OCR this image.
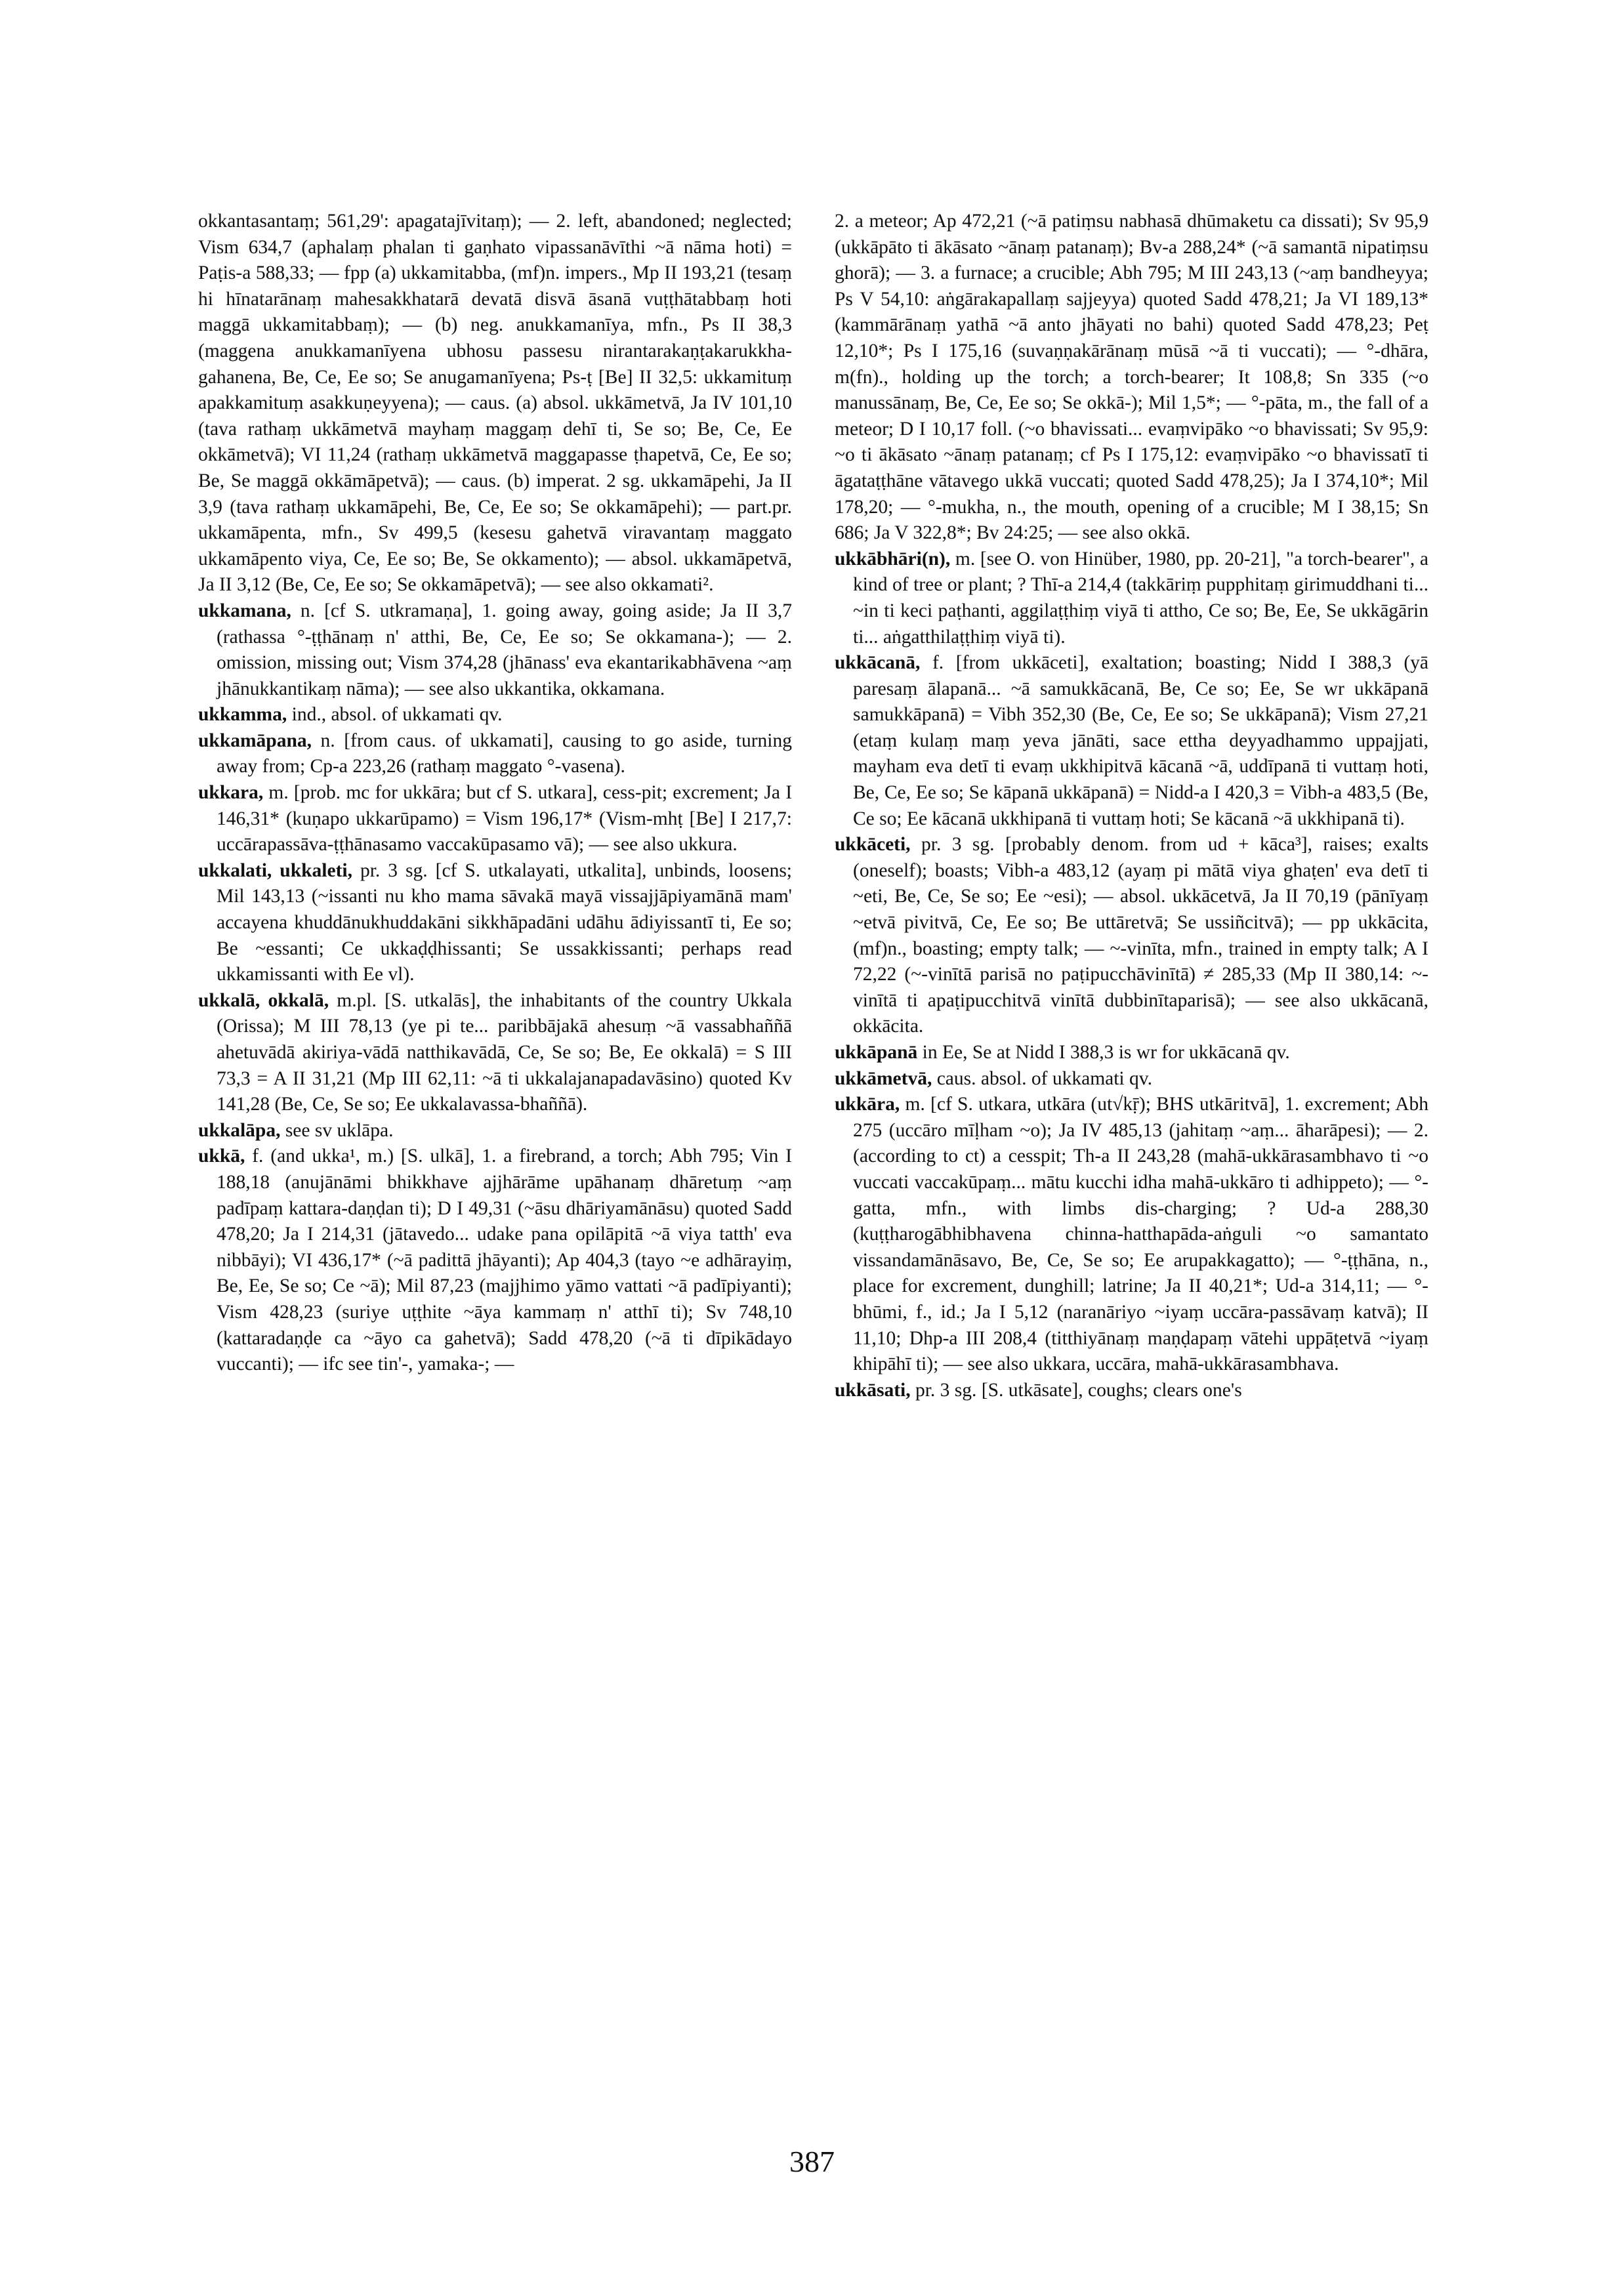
okkantasantaṃ; 561,29': apagatajīvitaṃ); — 2. left, abandoned; neglected; Vism 634,7 (aphalaṃ phalan ti gaṇhato vipassanāvīthi ~ā nāma hoti) = Paṭis-a 588,33; — fpp (a) ukkamitabba, (mf)n. impers., Mp II 193,21 (tesaṃ hi hīnatarānaṃ mahesakkhatarā devatā disvā āsanā vuṭṭhātabbaṃ hoti maggā ukkamitabbaṃ); — (b) neg. anukkamanīya, mfn., Ps II 38,3 (maggena anukkamanīyena ubhosu passesu nirantarakaṇṭakarukkha-gahanena, Be, Ce, Ee so; Se anugamanīyena; Ps-ṭ [Be] II 32,5: ukkamituṃ apakkamituṃ asakkuṇeyyena); — caus. (a) absol. ukkāmetvā, Ja IV 101,10 (tava rathaṃ ukkāmetvā mayhaṃ maggaṃ dehī ti, Se so; Be, Ce, Ee okkāmetvā); VI 11,24 (rathaṃ ukkāmetvā maggapasse ṭhapetvā, Ce, Ee so; Be, Se maggā okkāmāpetvā); — caus. (b) imperat. 2 sg. ukkamāpehi, Ja II 3,9 (tava rathaṃ ukkamāpehi, Be, Ce, Ee so; Se okkamāpehi); — part.pr. ukkamāpenta, mfn., Sv 499,5 (kesesu gahetvā viravantaṃ maggato ukkamāpento viya, Ce, Ee so; Be, Se okkamento); — absol. ukkamāpetvā, Ja II 3,12 (Be, Ce, Ee so; Se okkamāpetvā); — see also okkamati².

ukkamana, n. [cf S. utkramaṇa], 1. going away, going aside; Ja II 3,7 (rathassa °-ṭṭhānaṃ n' atthi, Be, Ce, Ee so; Se okkamana-); — 2. omission, missing out; Vism 374,28 (jhānass' eva ekantarikabhāvena ~aṃ jhānukkantikaṃ nāma); — see also ukkantika, okkamana.

ukkamma, ind., absol. of ukkamati qv.

ukkamāpana, n. [from caus. of ukkamati], causing to go aside, turning away from; Cp-a 223,26 (rathaṃ maggato °-vasena).

ukkara, m. [prob. mc for ukkāra; but cf S. utkara], cess-pit; excrement; Ja I 146,31* (kuṇapo ukkarūpamo) = Vism 196,17* (Vism-mhṭ [Be] I 217,7: uccārapassāva-ṭṭhānasamo vaccakūpasamo vā); — see also ukkura.

ukkalati, ukkaleti, pr. 3 sg. [cf S. utkalayati, utkalita], unbinds, loosens; Mil 143,13 (~issanti nu kho mama sāvakā mayā vissajjāpiyamānā mam' accayena khuddānukhuddakāni sikkhāpadāni udāhu ādiyissantī ti, Ee so; Be ~essanti; Ce ukkaḍḍhissanti; Se ussakkissanti; perhaps read ukkamissanti with Ee vl).

ukkalā, okkalā, m.pl. [S. utkalās], the inhabitants of the country Ukkala (Orissa); M III 78,13 (ye pi te... paribbājakā ahesuṃ ~ā vassabhaññā ahetuvādā akiriya-vādā natthikavādā, Ce, Se so; Be, Ee okkalā) = S III 73,3 = A II 31,21 (Mp III 62,11: ~ā ti ukkalajanapadavāsino) quoted Kv 141,28 (Be, Ce, Se so; Ee ukkalavassa-bhaññā).

ukkalāpa, see sv uklāpa.

ukkā, f. (and ukka¹, m.) [S. ulkā], 1. a firebrand, a torch; Abh 795; Vin I 188,18 (anujānāmi bhikkhave ajjhārāme upāhanaṃ dhāretuṃ ~aṃ padīpaṃ kattara-daṇḍan ti); D I 49,31 (~āsu dhāriyamānāsu) quoted Sadd 478,20; Ja I 214,31 (jātavedo... udake pana opilāpitā ~ā viya tatth' eva nibbāyi); VI 436,17* (~ā padittā jhāyanti); Ap 404,3 (tayo ~e adhārayiṃ, Be, Ee, Se so; Ce ~ā); Mil 87,23 (majjhimo yāmo vattati ~ā padīpiyanti); Vism 428,23 (suriye uṭṭhite ~āya kammaṃ n' atthī ti); Sv 748,10 (kattaradaṇḍe ca ~āyo ca gahetvā); Sadd 478,20 (~ā ti dīpikādayo vuccanti); — ifc see tin'-, yamaka-; —

2. a meteor; Ap 472,21 (~ā patiṃsu nabhasā dhūmaketu ca dissati); Sv 95,9 (ukkāpāto ti ākāsato ~ānaṃ patanaṃ); Bv-a 288,24* (~ā samantā nipatiṃsu ghorā); — 3. a furnace; a crucible; Abh 795; M III 243,13 (~aṃ bandheyya; Ps V 54,10: aṅgārakapallaṃ sajjeyya) quoted Sadd 478,21; Ja VI 189,13* (kammārānaṃ yathā ~ā anto jhāyati no bahi) quoted Sadd 478,23; Peṭ 12,10*; Ps I 175,16 (suvaṇṇakārānaṃ mūsā ~ā ti vuccati); — °-dhāra, m(fn)., holding up the torch; a torch-bearer; It 108,8; Sn 335 (~o manussānaṃ, Be, Ce, Ee so; Se okkā-); Mil 1,5*; — °-pāta, m., the fall of a meteor; D I 10,17 foll. (~o bhavissati... evaṃvipāko ~o bhavissati; Sv 95,9: ~o ti ākāsato ~ānaṃ patanaṃ; cf Ps I 175,12: evaṃvipāko ~o bhavissatī ti āgataṭṭhāne vātavego ukkā vuccati; quoted Sadd 478,25); Ja I 374,10*; Mil 178,20; — °-mukha, n., the mouth, opening of a crucible; M I 38,15; Sn 686; Ja V 322,8*; Bv 24:25; — see also okkā.

ukkābhāri(n), m. [see O. von Hinüber, 1980, pp. 20-21], "a torch-bearer", a kind of tree or plant; ? Thī-a 214,4 (takkāriṃ pupphitaṃ girimuddhani ti... ~in ti keci paṭhanti, aggilaṭṭhiṃ viyā ti attho, Ce so; Be, Ee, Se ukkāgārin ti... aṅgatthilaṭṭhiṃ viyā ti).

ukkācanā, f. [from ukkāceti], exaltation; boasting; Nidd I 388,3 (yā paresaṃ ālapanā... ~ā samukkācanā, Be, Ce so; Ee, Se wr ukkāpanā samukkāpanā) = Vibh 352,30 (Be, Ce, Ee so; Se ukkāpanā); Vism 27,21 (etaṃ kulaṃ maṃ yeva jānāti, sace ettha deyyadhammo uppajjati, mayham eva detī ti evaṃ ukkhipitvā kācanā ~ā, uddīpanā ti vuttaṃ hoti, Be, Ce, Ee so; Se kāpanā ukkāpanā) = Nidd-a I 420,3 = Vibh-a 483,5 (Be, Ce so; Ee kācanā ukkhipanā ti vuttaṃ hoti; Se kācanā ~ā ukkhipanā ti).

ukkāceti, pr. 3 sg. [probably denom. from ud + kāca³], raises; exalts (oneself); boasts; Vibh-a 483,12 (ayaṃ pi mātā viya ghaṭen' eva detī ti ~eti, Be, Ce, Se so; Ee ~esi); — absol. ukkācetvā, Ja II 70,19 (pānīyaṃ ~etvā pivitvā, Ce, Ee so; Be uttāretvā; Se ussiñcitvā); — pp ukkācita, (mf)n., boasting; empty talk; — ~-vinīta, mfn., trained in empty talk; A I 72,22 (~-vinītā parisā no paṭipucchāvinītā) ≠ 285,33 (Mp II 380,14: ~-vinītā ti apaṭipucchitvā vinītā dubbinītaparisā); — see also ukkācanā, okkācita.

ukkāpanā in Ee, Se at Nidd I 388,3 is wr for ukkācanā qv.

ukkāmetvā, caus. absol. of ukkamati qv.

ukkāra, m. [cf S. utkara, utkāra (ut√kṝ); BHS utkāritvā], 1. excrement; Abh 275 (uccāro mīḷham ~o); Ja IV 485,13 (jahitaṃ ~aṃ... āharāpesi); — 2. (according to ct) a cesspit; Th-a II 243,28 (mahā-ukkārasambhavo ti ~o vuccati vaccakūpaṃ... mātu kucchi idha mahā-ukkāro ti adhippeto); — °-gatta, mfn., with limbs dis-charging; ? Ud-a 288,30 (kuṭṭharogābhibhavena chinna-hatthapāda-aṅguli ~o samantato vissandamānāsavo, Be, Ce, Se so; Ee arupakkagatto); — °-ṭṭhāna, n., place for excrement, dunghill; latrine; Ja II 40,21*; Ud-a 314,11; — °-bhūmi, f., id.; Ja I 5,12 (naranāriyo ~iyaṃ uccāra-passāvaṃ katvā); II 11,10; Dhp-a III 208,4 (titthiyānaṃ maṇḍapaṃ vātehi uppāṭetvā ~iyaṃ khipāhī ti); — see also ukkara, uccāra, mahā-ukkārasambhava.

ukkāsati, pr. 3 sg. [S. utkāsate], coughs; clears one's

387
